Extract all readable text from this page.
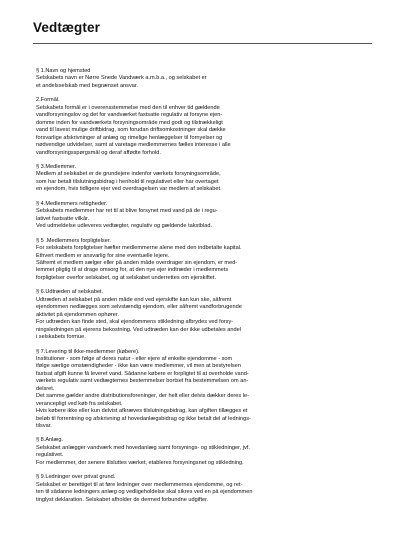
Vedtægter
§ 1.Navn og hjemsted
Selskabets navn er Nørre Snede Vandværk a.m.b.a., og selskabet er
et andelsselskab med begrænset ansvar.
2.Formål.
Selskabets formål er i overensstemmelse med den til enhver tid gældende
vandforsyningslov og det for vandværket fastsatte regulativ at forsyne ejen-
domme inden for vandværkets forsyningsområde med godt og tilstrækkeligt
vand til lavest mulige driftbidrag, som forudan driftsomkostninger skal dække
forsvarlige afskrivninger af anlæg og rimelige henlæggelser til fornyelser og
nødvendige udvidelser, samt at varetage medlemmernes fælles interesse i alle
vandforsyningsspørgsmål og deraf affødte forhold.
§ 3.Medlemmer.
Medlem af selskabet er de grundejere indenfor værkets forsyningsområde,
som har betalt tilslutningsbidrag i henhold til regulativet eller har overtaget
en ejendom, hvis tidligere ejer ved overdragelsen var medlem af selskabet.
§ 4.Medlemmers rettigheder.
Selskabets medlemmer har ret til at blive forsynet med vand på de i regu-
lativet fastsatte vilkår.
Ved udmeldelse udleveres vedtægter, regulativ og gældende takstblad.
§ 5 .Medlemmers forpligtelser.
For selskabets forpligtelser hæfter medlemmerne alene med den indbetalte kapital.
Ethvert medlem er ansvarlig for sine eventuelle lejere.
Såfremt et medlem sælger eller på anden måde overdrager sin ejendom, er med-
lemmet pligtig til at drage omsorg for, at den nye ejer indtræder i medlemmets
forpligtelser overfor selskabet, og at selskabet underrettes om ejerskiftet.
§ 6.Udtræden af selskabet.
Udtræden af selskabet på anden måde end ved ejerskifte kan kun ske, såfremt
ejendommen nedlægges som selvstændig ejendom, eller såfremt vandforbrugende
aktivitet på ejendommen ophører.
For udtræden kan finde sted, skal ejendommens stikledning afbrydes ved forsy-
ningsledningen på ejerens bekostning. Ved udtræden kan der ikke udbetales andel
i selskabets formue.
§ 7.Levering til ikke-medlemmer (købere).
Institutioner - som følge af deres natur - eller ejere af enkelte ejendomme - som
ifølge særlige omstændigheder - ikke kan være medlemmer, vil men at bestyrelsen
fastsat afgift kunne få leveret vand. Sådanne købere er forpligtet til at overholde vand-
værkets regulativ samt vedtægternes bestemmelser bortset fra bestemmelsen om an-
delsret.
Det samme gælder andre distributionsforeninger, der helt eller delvis dækker deres le-
verancepligt ved køb fra selskabet.
Hvis købere ikke eller kun delvist afkræves tilslutningsbidrag, kan afgiften tillægges et
beløb til forrentning og afskrivning af hovedanlægsbidrag og ikke betalt del af lednings-
tilsvar.
§ 8.Anlæg.
Selskabet anlægger vandværk med hovedanlæg samt forsynings- og stikledninger, jvf.
regulativet.
For medlemmer, der senere tilsluttes værket, etableres forsyningsnet og stikledning.
§ 9.Ledninger over privat grund.
Selskabet er berettiget til at føre ledninger over medlemmernes ejendomme, og ret-
ten til sådanne ledningers anlæg og vedligeholdelse skal sikres ved en på ejendommen
tinglyst deklaration. Selskabet afholder de dermed forbundne udgifter.
